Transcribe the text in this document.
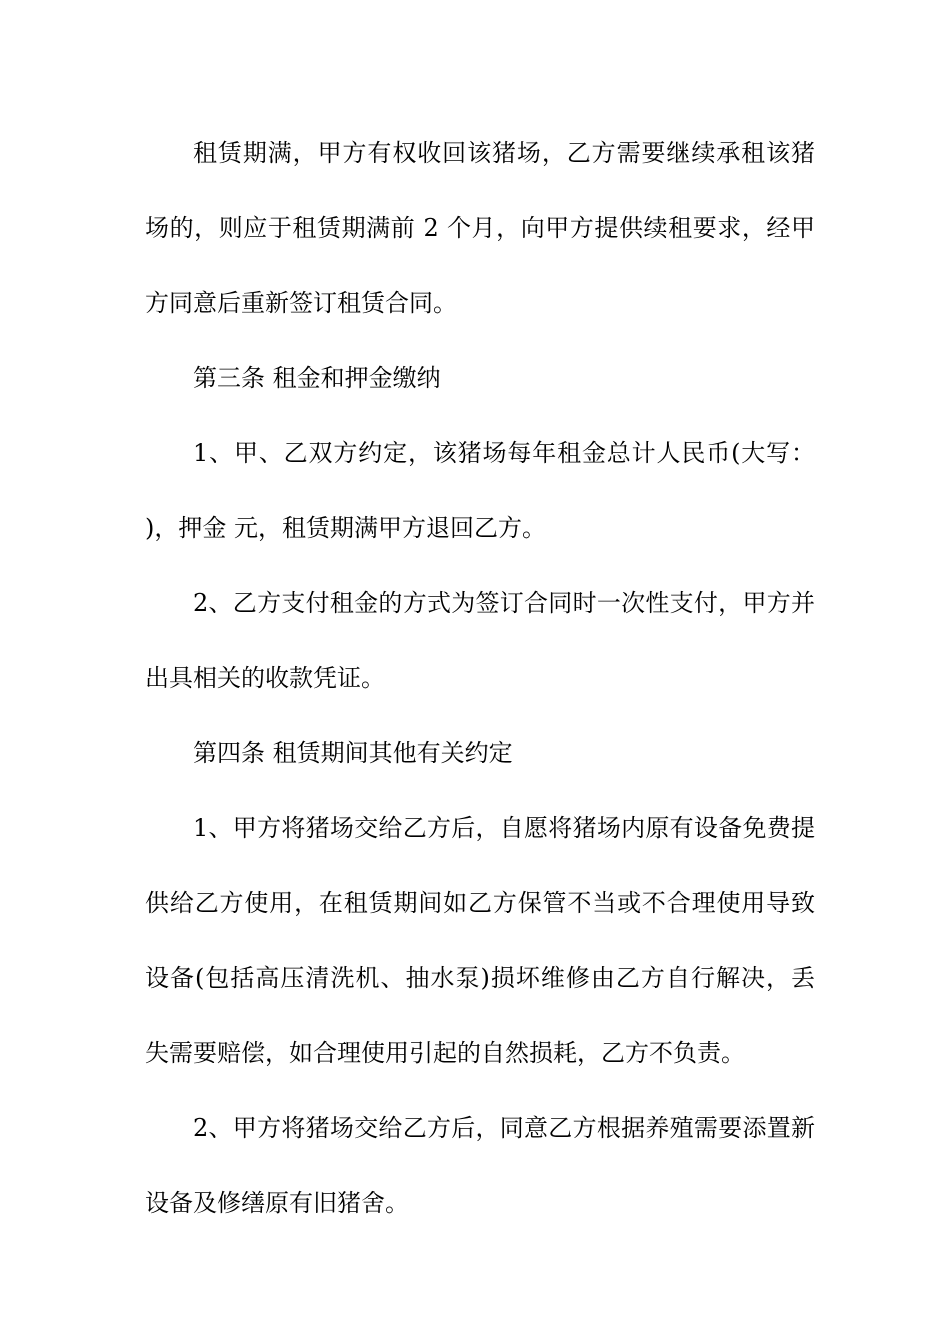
租赁期满，甲方有权收回该猪场，乙方需要继续承租该猪
场的，则应于租赁期满前 2 个月，向甲方提供续租要求，经甲
方同意后重新签订租赁合同。
第三条 租金和押金缴纳
1、甲、乙双方约定，该猪场每年租金总计人民币(大写：
)，押金 元，租赁期满甲方退回乙方。
2、乙方支付租金的方式为签订合同时一次性支付，甲方并
出具相关的收款凭证。
第四条 租赁期间其他有关约定
1、甲方将猪场交给乙方后，自愿将猪场内原有设备免费提
供给乙方使用，在租赁期间如乙方保管不当或不合理使用导致
设备(包括高压清洗机、抽水泵)损坏维修由乙方自行解决，丢
失需要赔偿，如合理使用引起的自然损耗，乙方不负责。
2、甲方将猪场交给乙方后，同意乙方根据养殖需要添置新
设备及修缮原有旧猪舍。
